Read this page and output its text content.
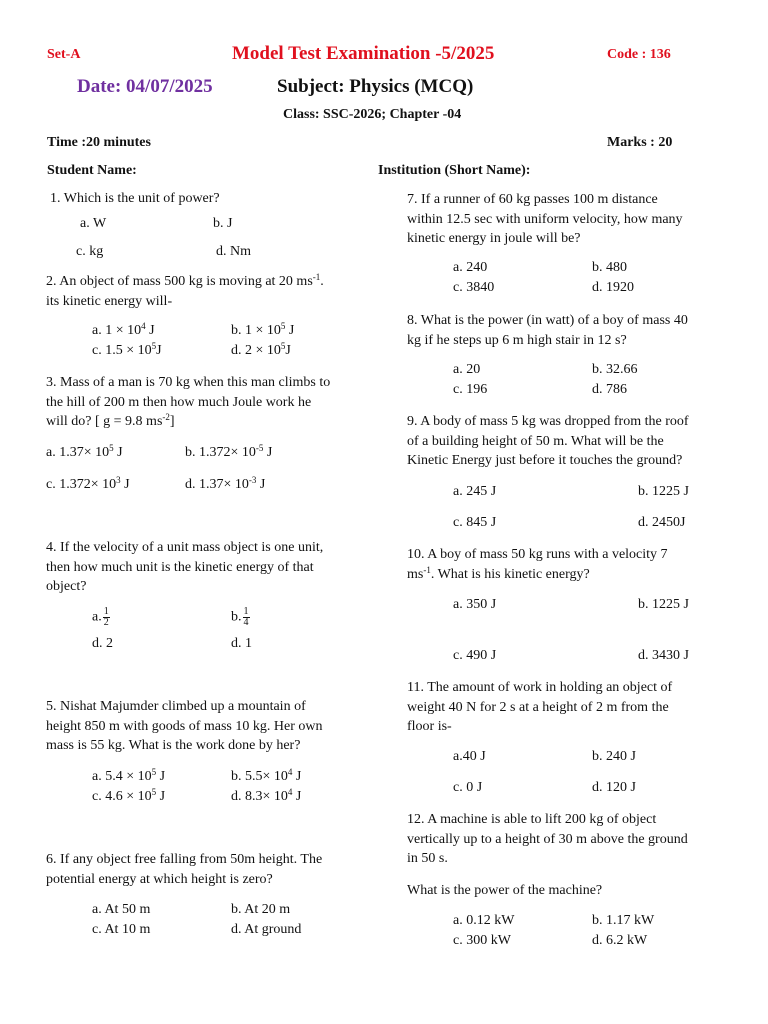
Set-A	Model Test Examination -5/2025	Code : 136
Date: 04/07/2025	Subject: Physics (MCQ)
Class: SSC-2026; Chapter -04
Time :20 minutes	Marks : 20
Student Name:	Institution (Short Name):
1. Which is the unit of power?
a. W	b. J
c. kg	d. Nm
2. An object of mass 500 kg is moving at 20 $ms^{-1}$.
its kinetic energy will-
a. $1 \times 10^4$ J	b. $1 \times 10^5$ J
c. $1.5 \times 10^5J$	d. $2 \times 10^5J$
3. Mass of a man is 70 kg when this man climbs to
the hill of 200 m then how much Joule work he
will do? [ g = 9.8 $ms^{-2}$]
a. $1.37\times 10^5$ J	b. $1.372\times 10^{-5}$ J
c. $1.372\times 10^3$ J	d. $1.37\times 10^{-3}$ J
4. If the velocity of a unit mass object is one unit,
then how much unit is the kinetic energy of that
object?
a. $\frac{1}{2}$	b. $\frac{1}{4}$
d. 2	d. 1
5. Nishat Majumder climbed up a mountain of
height 850 m with goods of mass 10 kg. Her own
mass is 55 kg. What is the work done by her?
a. $5.4 \times 10^5$ J	b. $5.5\times 10^4$ J
c. $4.6 \times 10^5$ J	d. $8.3\times 10^4$ J
6. If any object free falling from 50m height. The
potential energy at which height is zero?
a. At 50 m	b. At 20 m
c. At 10 m	d. At ground
7. If a runner of 60 kg passes 100 m distance
within 12.5 sec with uniform velocity, how many
kinetic energy in joule will be?
a. 240	b. 480
c. 3840	d. 1920
8. What is the power (in watt) of a boy of mass 40
kg if he steps up 6 m high stair in 12 s?
a. 20	b. 32.66
c. 196	d. 786
9. A body of mass 5 kg was dropped from the roof
of a building height of 50 m. What will be the
Kinetic Energy just before it touches the ground?
a. 245 J	b. 1225 J
c. 845 J	d. 2450J
10. A boy of mass 50 kg runs with a velocity 7
$ms^{-1}$. What is his kinetic energy?
a. 350 J	b. 1225 J
c. 490 J	d. 3430 J
11. The amount of work in holding an object of
weight 40 N for 2 s at a height of 2 m from the
floor is-
a.40 J	b. 240 J
c. 0 J	d. 120 J
12. A machine is able to lift 200 kg of object
vertically up to a height of 30 m above the ground
in 50 s.
What is the power of the machine?
a. 0.12 kW	b. 1.17 kW
c. 300 kW	d. 6.2 kW
